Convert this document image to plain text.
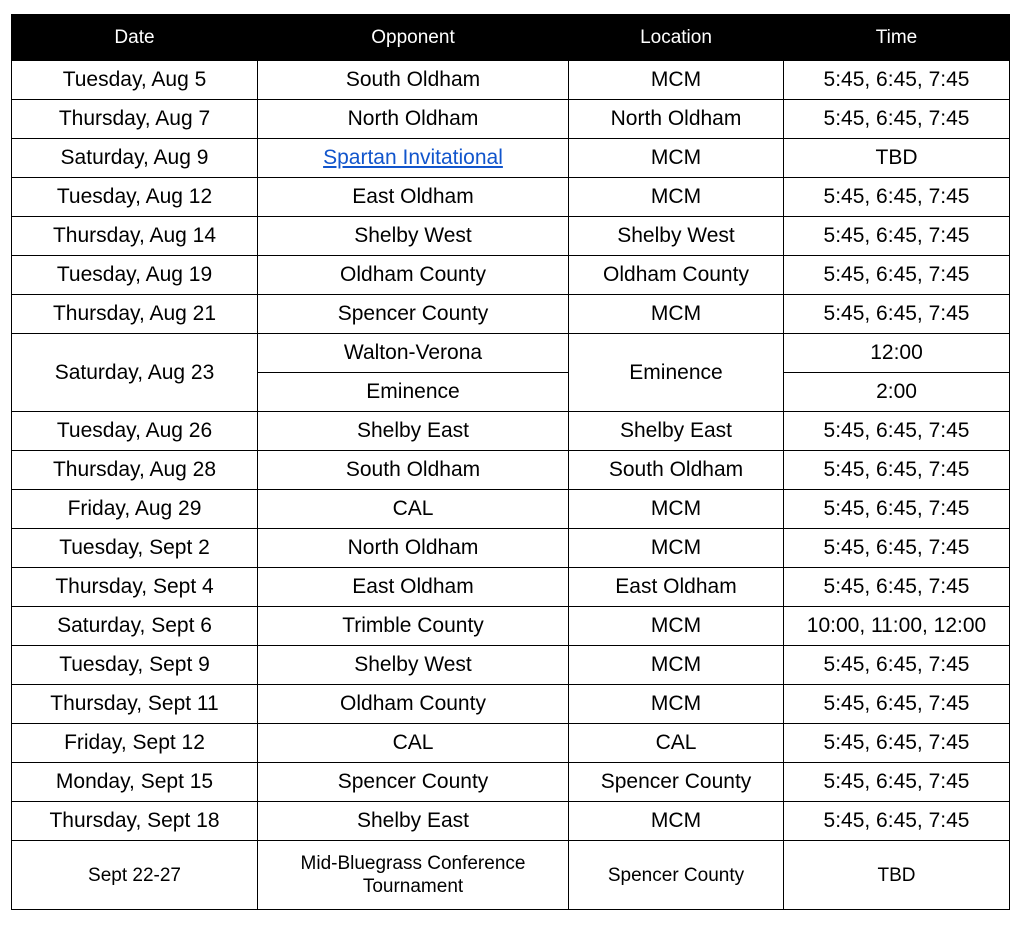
Date	Opponent	Location	Time
Tuesday, Aug 5	South Oldham	MCM	5:45, 6:45, 7:45
Thursday, Aug 7	North Oldham	North Oldham	5:45, 6:45, 7:45
Saturday, Aug 9	Spartan Invitational	MCM	TBD
Tuesday, Aug 12	East Oldham	MCM	5:45, 6:45, 7:45
Thursday, Aug 14	Shelby West	Shelby West	5:45, 6:45, 7:45
Tuesday, Aug 19	Oldham County	Oldham County	5:45, 6:45, 7:45
Thursday, Aug 21	Spencer County	MCM	5:45, 6:45, 7:45
Saturday, Aug 23	Walton-Verona	Eminence	12:00
	Eminence		2:00
Tuesday, Aug 26	Shelby East	Shelby East	5:45, 6:45, 7:45
Thursday, Aug 28	South Oldham	South Oldham	5:45, 6:45, 7:45
Friday, Aug 29	CAL	MCM	5:45, 6:45, 7:45
Tuesday, Sept 2	North Oldham	MCM	5:45, 6:45, 7:45
Thursday, Sept 4	East Oldham	East Oldham	5:45, 6:45, 7:45
Saturday, Sept 6	Trimble County	MCM	10:00, 11:00, 12:00
Tuesday, Sept 9	Shelby West	MCM	5:45, 6:45, 7:45
Thursday, Sept 11	Oldham County	MCM	5:45, 6:45, 7:45
Friday, Sept 12	CAL	CAL	5:45, 6:45, 7:45
Monday, Sept 15	Spencer County	Spencer County	5:45, 6:45, 7:45
Thursday, Sept 18	Shelby East	MCM	5:45, 6:45, 7:45
Sept 22-27	Mid-Bluegrass Conference Tournament	Spencer County	TBD
